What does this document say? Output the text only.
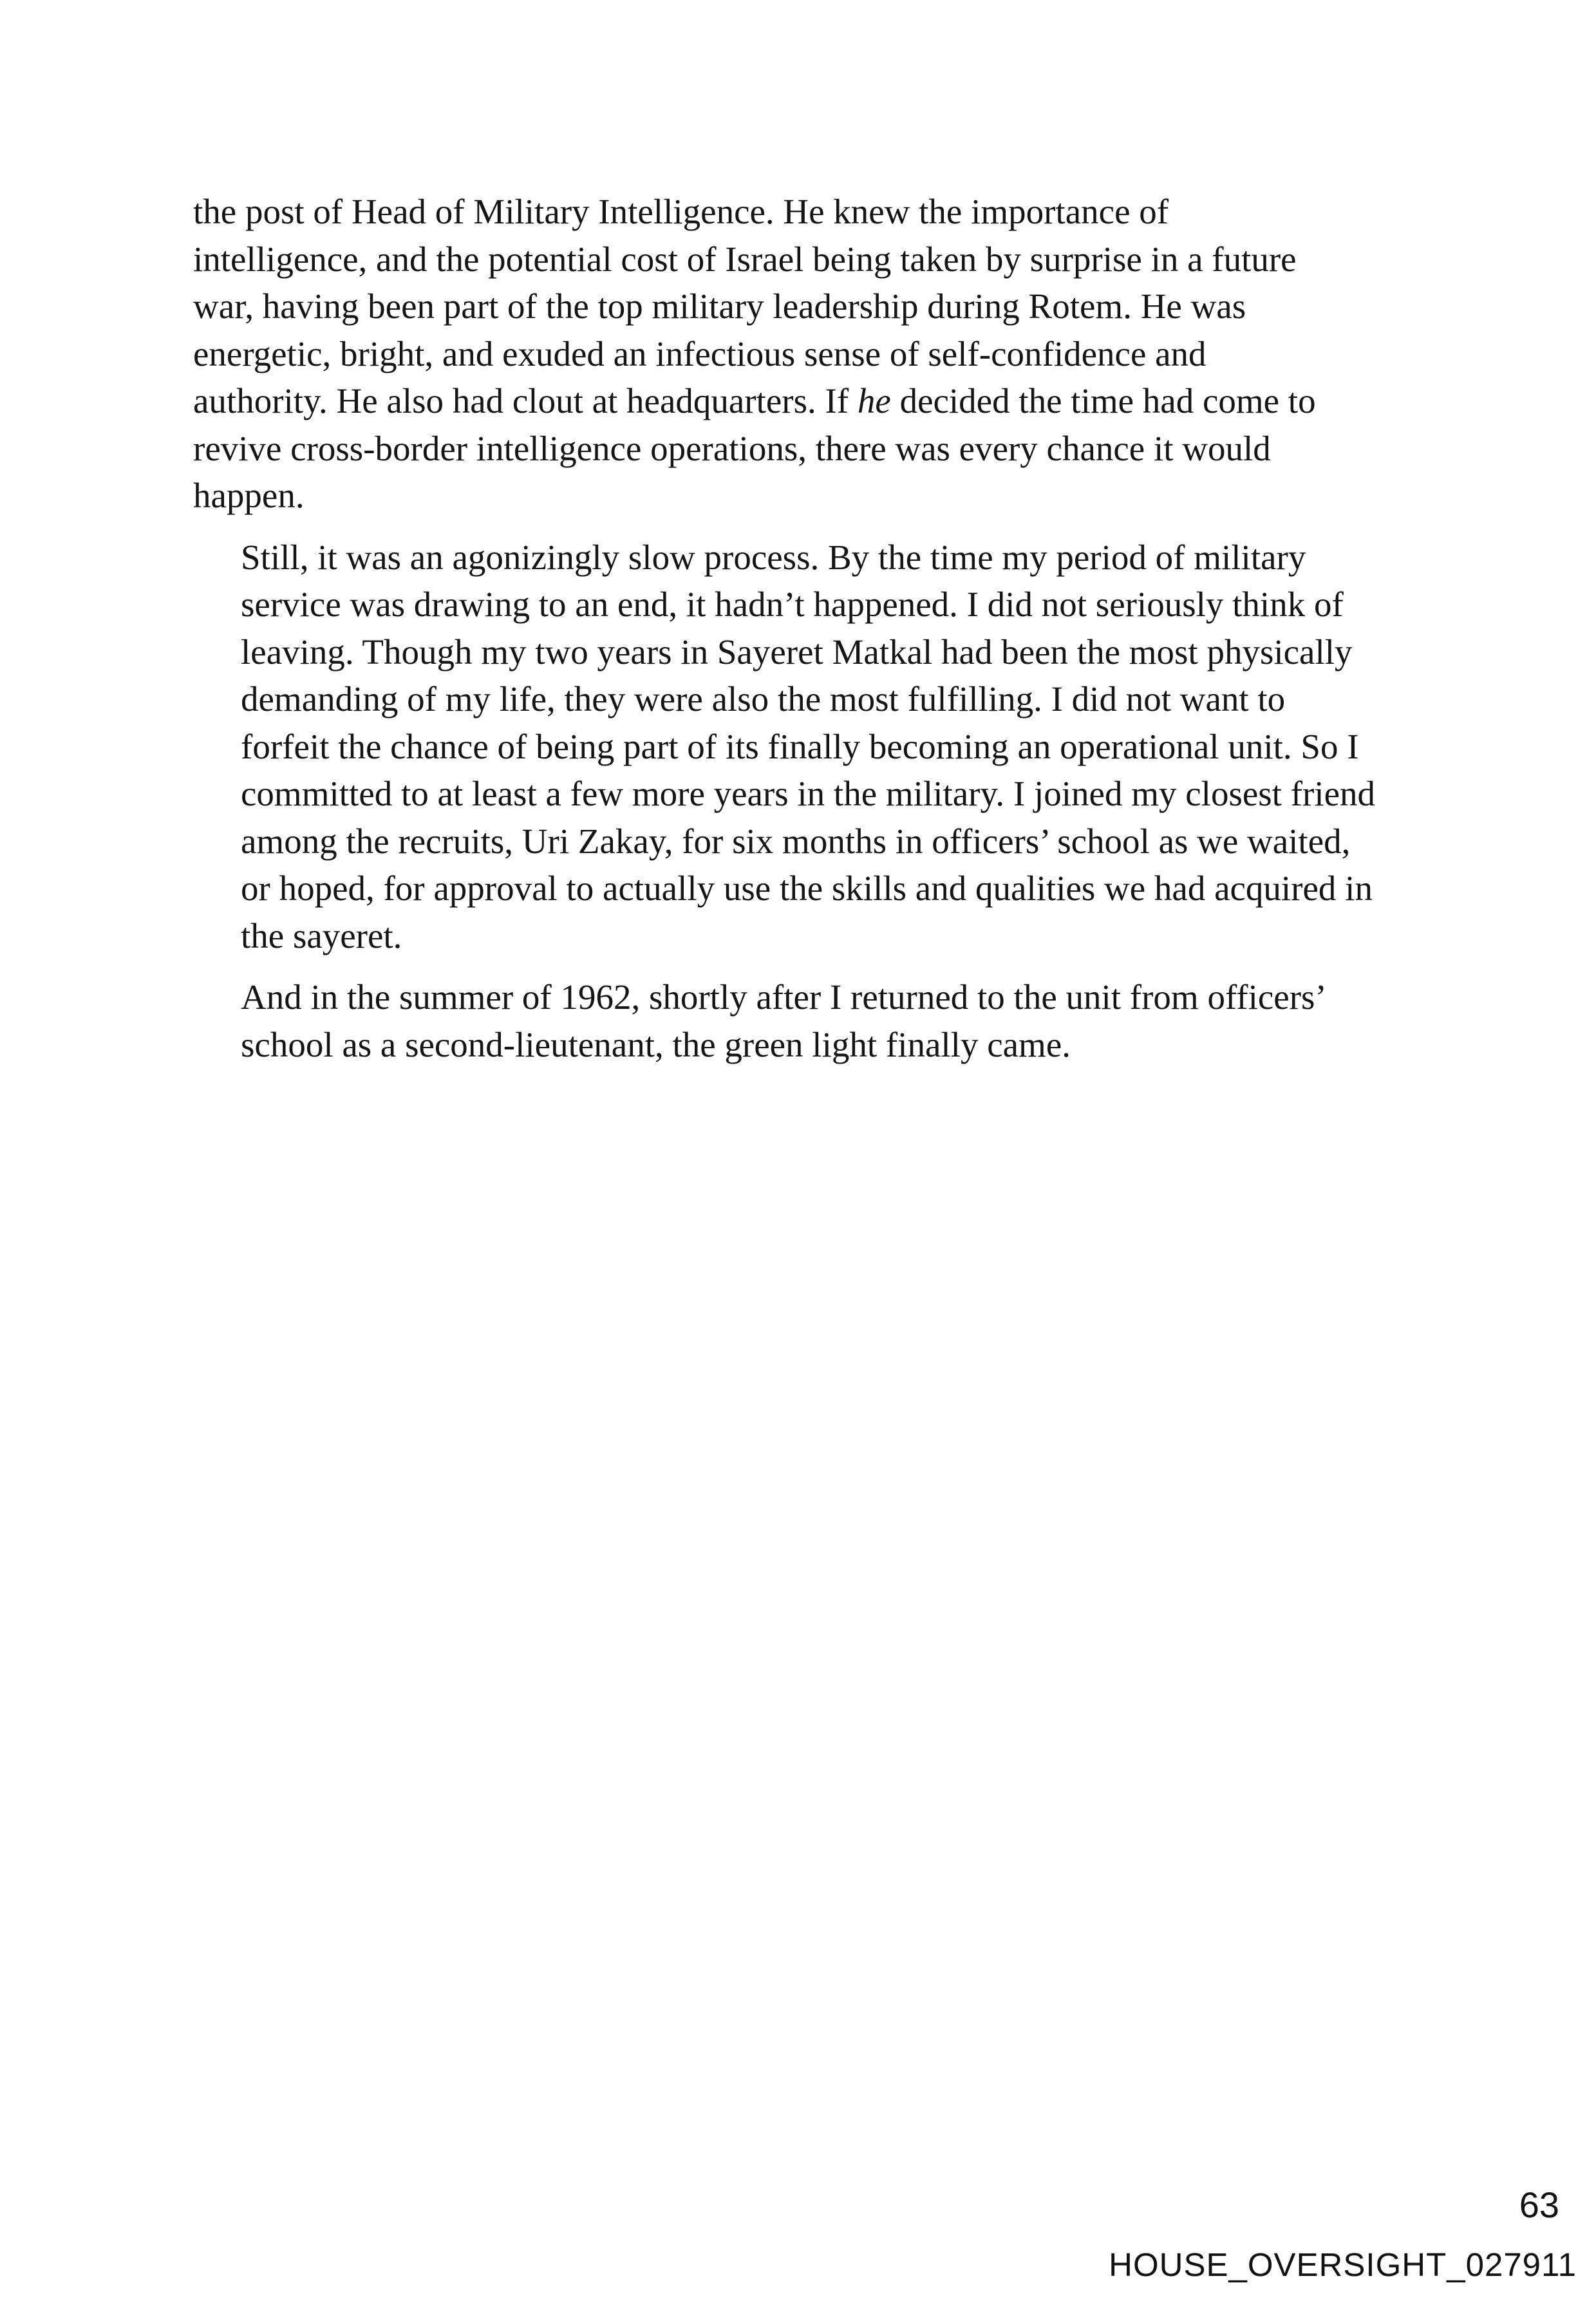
the post of Head of Military Intelligence. He knew the importance of
intelligence, and the potential cost of Israel being taken by surprise in a future
war, having been part of the top military leadership during Rotem. He was
energetic, bright, and exuded an infectious sense of self-confidence and
authority. He also had clout at headquarters. If he decided the time had come to
revive cross-border intelligence operations, there was every chance it would
happen.

Still, it was an agonizingly slow process. By the time my period of military
service was drawing to an end, it hadn’t happened. I did not seriously think of
leaving. Though my two years in Sayeret Matkal had been the most physically
demanding of my life, they were also the most fulfilling. I did not want to
forfeit the chance of being part of its finally becoming an operational unit. So I
committed to at least a few more years in the military. I joined my closest friend
among the recruits, Uri Zakay, for six months in officers’ school as we waited,
or hoped, for approval to actually use the skills and qualities we had acquired in
the sayeret.

And in the summer of 1962, shortly after I returned to the unit from officers’
school as a second-lieutenant, the green light finally came.

63
HOUSE_OVERSIGHT_027911
